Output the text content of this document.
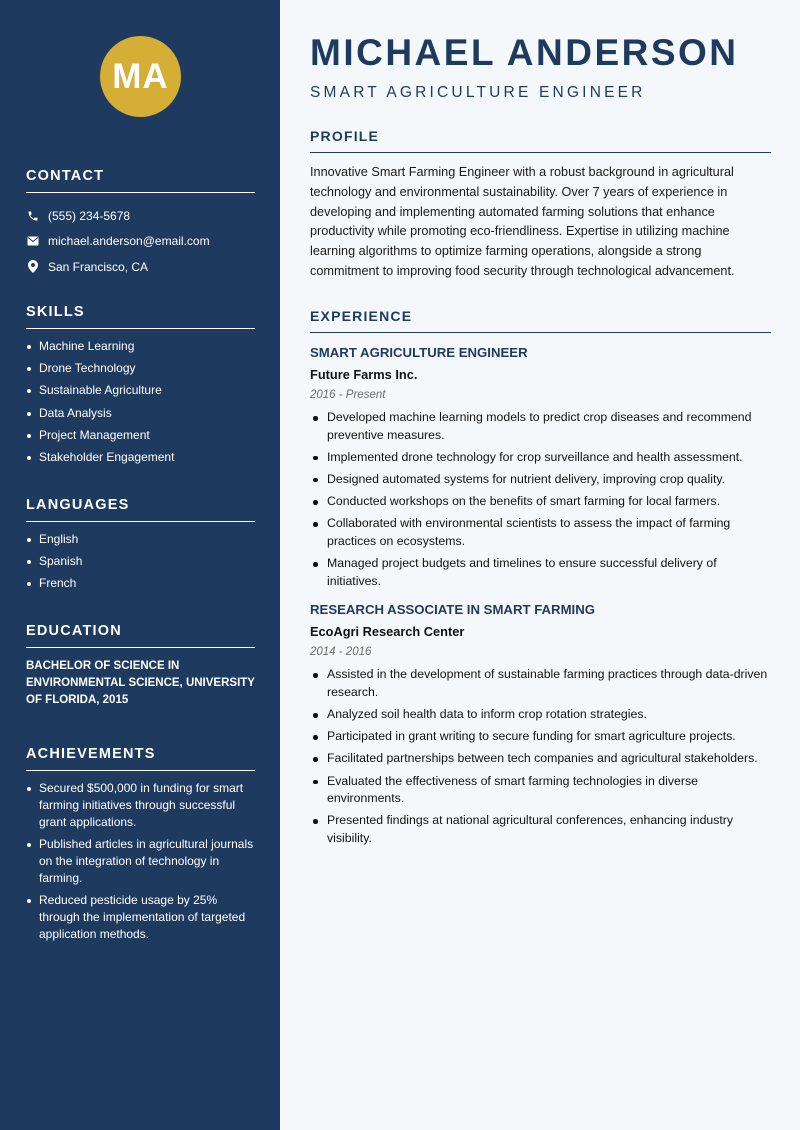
MA
CONTACT
(555) 234-5678
michael.anderson@email.com
San Francisco, CA
SKILLS
Machine Learning
Drone Technology
Sustainable Agriculture
Data Analysis
Project Management
Stakeholder Engagement
LANGUAGES
English
Spanish
French
EDUCATION
BACHELOR OF SCIENCE IN ENVIRONMENTAL SCIENCE, UNIVERSITY OF FLORIDA, 2015
ACHIEVEMENTS
Secured $500,000 in funding for smart farming initiatives through successful grant applications.
Published articles in agricultural journals on the integration of technology in farming.
Reduced pesticide usage by 25% through the implementation of targeted application methods.
MICHAEL ANDERSON
SMART AGRICULTURE ENGINEER
PROFILE
Innovative Smart Farming Engineer with a robust background in agricultural technology and environmental sustainability. Over 7 years of experience in developing and implementing automated farming solutions that enhance productivity while promoting eco-friendliness. Expertise in utilizing machine learning algorithms to optimize farming operations, alongside a strong commitment to improving food security through technological advancement.
EXPERIENCE
SMART AGRICULTURE ENGINEER
Future Farms Inc.
2016 - Present
Developed machine learning models to predict crop diseases and recommend preventive measures.
Implemented drone technology for crop surveillance and health assessment.
Designed automated systems for nutrient delivery, improving crop quality.
Conducted workshops on the benefits of smart farming for local farmers.
Collaborated with environmental scientists to assess the impact of farming practices on ecosystems.
Managed project budgets and timelines to ensure successful delivery of initiatives.
RESEARCH ASSOCIATE IN SMART FARMING
EcoAgri Research Center
2014 - 2016
Assisted in the development of sustainable farming practices through data-driven research.
Analyzed soil health data to inform crop rotation strategies.
Participated in grant writing to secure funding for smart agriculture projects.
Facilitated partnerships between tech companies and agricultural stakeholders.
Evaluated the effectiveness of smart farming technologies in diverse environments.
Presented findings at national agricultural conferences, enhancing industry visibility.
